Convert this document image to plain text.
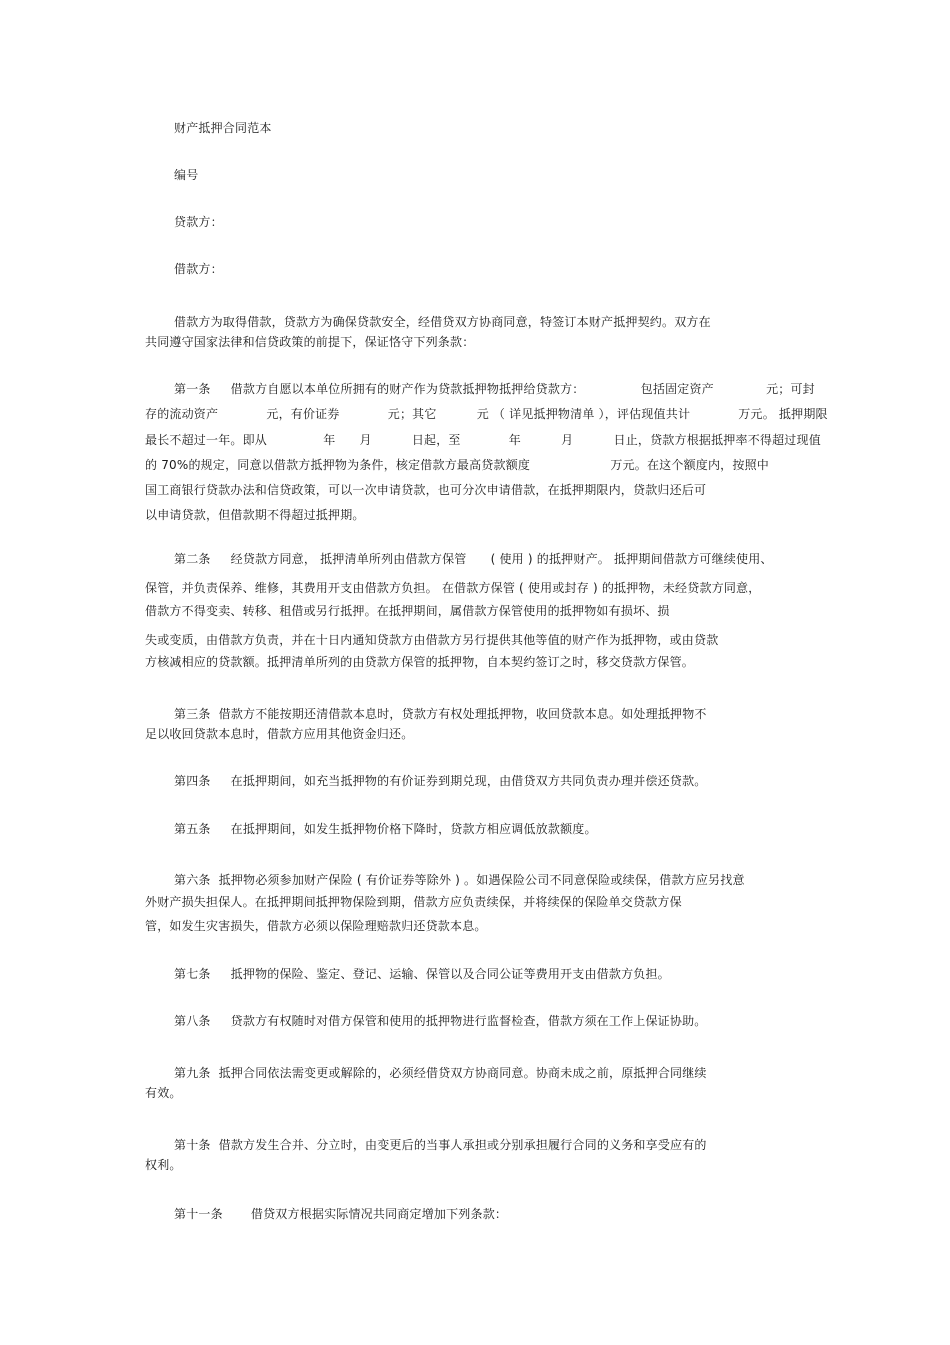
财产抵押合同范本
编号
贷款方：
借款方：
借款方为取得借款，贷款方为确保贷款安全，经借贷双方协商同意，特签订本财产抵押契约。双方在
共同遵守国家法律和信贷政策的前提下，保证恪守下列条款：
第一条     借款方自愿以本单位所拥有的财产作为贷款抵押物抵押给贷款方：              包括固定资产             元；可封
存的流动资产            元，有价证券            元；其它          元 （ 详见抵押物清单 ），评估现值共计            万元。 抵押期限
最长不超过一年。即从              年      月          日起，至            年          月          日止，贷款方根据抵押率不得超过现值
的 70%的规定，同意以借款方抵押物为条件，核定借款方最高贷款额度                    万元。在这个额度内，按照中
国工商银行贷款办法和信贷政策，可以一次申请贷款，也可分次申请借款，在抵押期限内，贷款归还后可
以申请贷款，但借款期不得超过抵押期。
第二条     经贷款方同意， 抵押清单所列由借款方保管      ( 使用 ) 的抵押财产。 抵押期间借款方可继续使用、
保管，并负责保养、维修，其费用开支由借款方负担。 在借款方保管 ( 使用或封存 ) 的抵押物，未经贷款方同意，
借款方不得变卖、转移、租借或另行抵押。在抵押期间，属借款方保管使用的抵押物如有损坏、损
失或变质，由借款方负责，并在十日内通知贷款方由借款方另行提供其他等值的财产作为抵押物，或由贷款
方核减相应的贷款额。抵押清单所列的由贷款方保管的抵押物，自本契约签订之时，移交贷款方保管。
第三条  借款方不能按期还清借款本息时，贷款方有权处理抵押物，收回贷款本息。如处理抵押物不
足以收回贷款本息时，借款方应用其他资金归还。
第四条     在抵押期间，如充当抵押物的有价证券到期兑现，由借贷双方共同负责办理并偿还贷款。
第五条     在抵押期间，如发生抵押物价格下降时，贷款方相应调低放款额度。
第六条  抵押物必须参加财产保险 ( 有价证券等除外 ) 。如遇保险公司不同意保险或续保，借款方应另找意
外财产损失担保人。在抵押期间抵押物保险到期，借款方应负责续保，并将续保的保险单交贷款方保
管，如发生灾害损失，借款方必须以保险理赔款归还贷款本息。
第七条     抵押物的保险、鉴定、登记、运输、保管以及合同公证等费用开支由借款方负担。
第八条     贷款方有权随时对借方保管和使用的抵押物进行监督检查，借款方须在工作上保证协助。
第九条  抵押合同依法需变更或解除的，必须经借贷双方协商同意。协商未成之前，原抵押合同继续
有效。
第十条  借款方发生合并、分立时，由变更后的当事人承担或分别承担履行合同的义务和享受应有的
权利。
第十一条       借贷双方根据实际情况共同商定增加下列条款：
